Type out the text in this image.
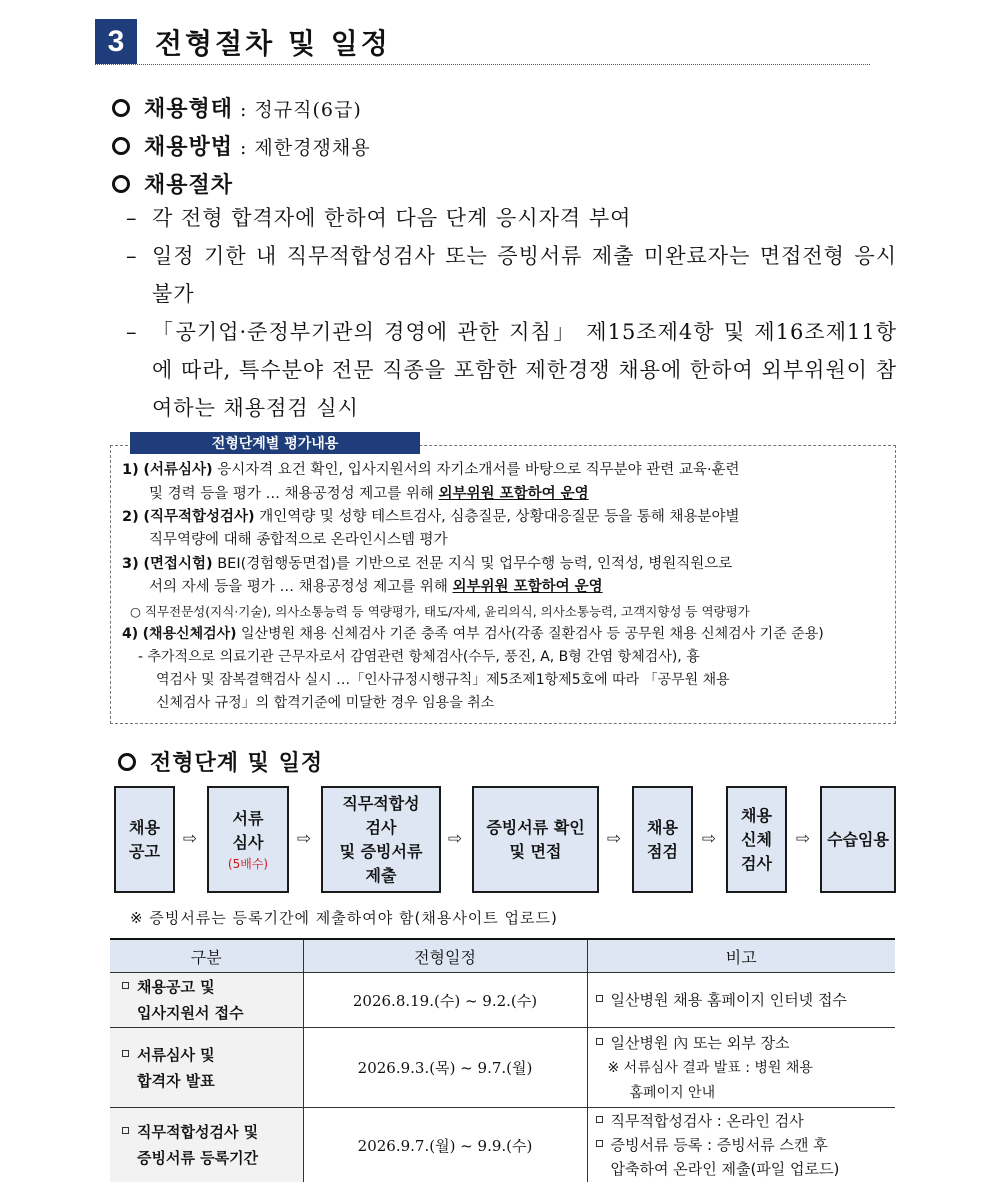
3	전형절차 및 일정
채용형태 : 정규직(6급)
채용방법 : 제한경쟁채용
채용절차
– 각 전형 합격자에 한하여 다음 단계 응시자격 부여
– 일정 기한 내 직무적합성검사 또는 증빙서류 제출 미완료자는 면접전형 응시 불가
– 「공기업·준정부기관의 경영에 관한 지침」 제15조제4항 및 제16조제11항에 따라, 특수분야 전문 직종을 포함한 제한경쟁 채용에 한하여 외부위원이 참여하는 채용점검 실시
전형단계별 평가내용
1) (서류심사) 응시자격 요건 확인, 입사지원서의 자기소개서를 바탕으로 직무분야 관련 교육·훈련
및 경력 등을 평가 … 채용공정성 제고를 위해 외부위원 포함하여 운영
2) (직무적합성검사) 개인역량 및 성향 테스트검사, 심층질문, 상황대응질문 등을 통해 채용분야별
직무역량에 대해 종합적으로 온라인시스템 평가
3) (면접시험) BEI(경험행동면접)를 기반으로 전문 지식 및 업무수행 능력, 인적성, 병원직원으로
서의 자세 등을 평가 … 채용공정성 제고를 위해 외부위원 포함하여 운영
○ 직무전문성(지식·기술), 의사소통능력 등 역량평가, 태도/자세, 윤리의식, 의사소통능력, 고객지향성 등 역량평가
4) (채용신체검사) 일산병원 채용 신체검사 기준 충족 여부 검사(각종 질환검사 등 공무원 채용 신체검사 기준 준용)
- 추가적으로 의료기관 근무자로서 감염관련 항체검사(수두, 풍진, A, B형 간염 항체검사), 흉
역검사 및 잠복결핵검사 실시 …「인사규정시행규칙」제5조제1항제5호에 따라 「공무원 채용
신체검사 규정」의 합격기준에 미달한 경우 임용을 취소
전형단계 및 일정
채용
공고
⇨
서류
심사
(5배수)
⇨
직무적합성
검사
및 증빙서류
제출
⇨
증빙서류 확인
및 면접
⇨
채용
점검
⇨
채용
신체
검사
⇨	수습임용
※ 증빙서류는 등록기간에 제출하여야 함(채용사이트 업로드)
구분	전형일정	비고
채용공고 및
입사지원서 접수	2026.8.19.(수) ~ 9.2.(수)	일산병원 채용 홈페이지 인터넷 접수
서류심사 및
합격자 발표	2026.9.3.(목) ~ 9.7.(월)	일산병원 內 또는 외부 장소
※ 서류심사 결과 발표 : 병원 채용
홈페이지 안내
직무적합성검사 및
증빙서류 등록기간	2026.9.7.(월) ~ 9.9.(수)	직무적합성검사 : 온라인 검사
증빙서류 등록 : 증빙서류 스캔 후
압축하여 온라인 제출(파일 업로드)
